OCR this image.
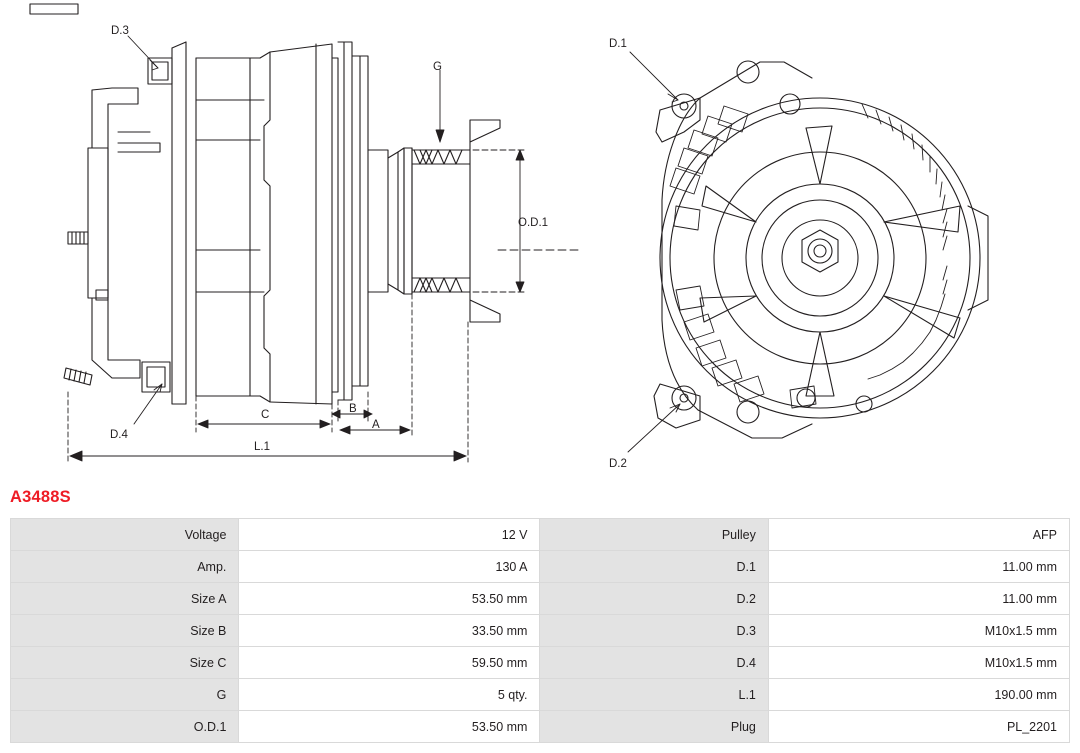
D.3
G
O.D.1
D.4
C	B
A
L.1
D.1
D.2
A3488S
Voltage	12 V	Pulley	AFP
Amp.	130 A	D.1	11.00 mm
Size A	53.50 mm	D.2	11.00 mm
Size B	33.50 mm	D.3	M10x1.5 mm
Size C	59.50 mm	D.4	M10x1.5 mm
G	5 qty.	L.1	190.00 mm
O.D.1	53.50 mm	Plug	PL_2201
